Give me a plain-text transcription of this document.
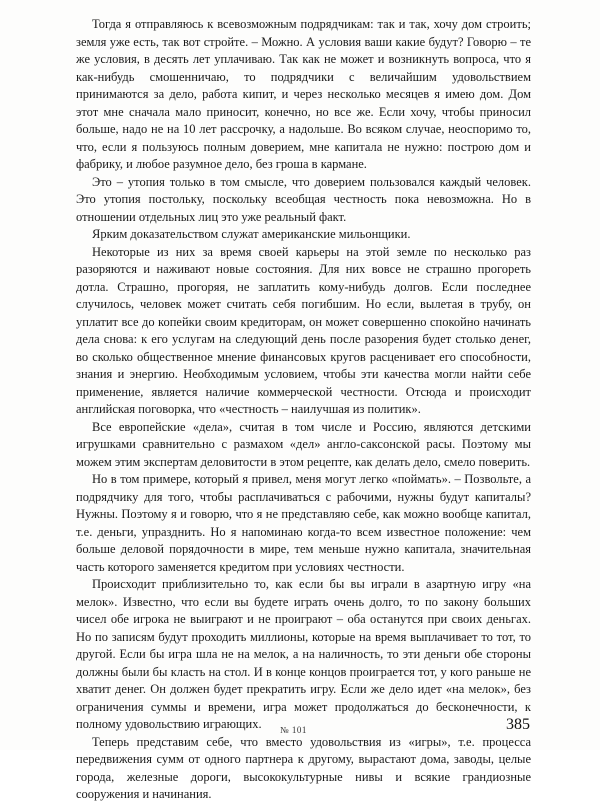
Тогда я отправляюсь к всевозможным подрядчикам: так и так, хочу дом строить; земля уже есть, так вот стройте. – Можно. А условия ваши какие будут? Говорю – те же условия, в десять лет уплачиваю. Так как не может и возникнуть вопроса, что я как-нибудь смошенничаю, то подрядчики с величайшим удовольствием принимаются за дело, работа кипит, и через несколько месяцев я имею дом. Дом этот мне сначала мало приносит, конечно, но все же. Если хочу, чтобы приносил больше, надо не на 10 лет рассрочку, а надольше. Во всяком случае, неоспоримо то, что, если я пользуюсь полным доверием, мне капитала не нужно: построю дом и фабрику, и любое разумное дело, без гроша в кармане.

Это – утопия только в том смысле, что доверием пользовался каждый человек. Это утопия постольку, поскольку всеобщая честность пока невозможна. Но в отношении отдельных лиц это уже реальный факт.

Ярким доказательством служат американские мильонщики.

Некоторые из них за время своей карьеры на этой земле по несколько раз разоряются и наживают новые состояния. Для них вовсе не страшно прогореть дотла. Страшно, прогоряя, не заплатить кому-нибудь долгов. Если последнее случилось, человек может считать себя погибшим. Но если, вылетая в трубу, он уплатит все до копейки своим кредиторам, он может совершенно спокойно начинать дела снова: к его услугам на следующий день после разорения будет столько денег, во сколько общественное мнение финансовых кругов расценивает его способности, знания и энергию. Необходимым условием, чтобы эти качества могли найти себе применение, является наличие коммерческой честности. Отсюда и происходит английская поговорка, что «честность – наилучшая из политик».

Все европейские «дела», считая в том числе и Россию, являются детскими игрушками сравнительно с размахом «дел» англо-саксонской расы. Поэтому мы можем этим экспертам деловитости в этом рецепте, как делать дело, смело поверить.

Но в том примере, который я привел, меня могут легко «поймать». – Позвольте, а подрядчику для того, чтобы расплачиваться с рабочими, нужны будут капиталы? Нужны. Поэтому я и говорю, что я не представляю себе, как можно вообще капитал, т.е. деньги, упразднить. Но я напоминаю когда-то всем известное положение: чем больше деловой порядочности в мире, тем меньше нужно капитала, значительная часть которого заменяется кредитом при условиях честности.

Происходит приблизительно то, как если бы вы играли в азартную игру «на мелок». Известно, что если вы будете играть очень долго, то по закону больших чисел обе игрока не выиграют и не проиграют – оба останутся при своих деньгах. Но по записям будут проходить миллионы, которые на время выплачивает то тот, то другой. Если бы игра шла не на мелок, а на наличность, то эти деньги обе стороны должны были бы класть на стол. И в конце концов проиграется тот, у кого раньше не хватит денег. Он должен будет прекратить игру. Если же дело идет «на мелок», без ограничения суммы и времени, игра может продолжаться до бесконечности, к полному удовольствию играющих.

Теперь представим себе, что вместо удовольствия из «игры», т.е. процесса передвижения сумм от одного партнера к другому, вырастают дома, заводы, целые города, железные дороги, высококультурные нивы и всякие грандиозные сооружения и начинания.

№ 101	385
